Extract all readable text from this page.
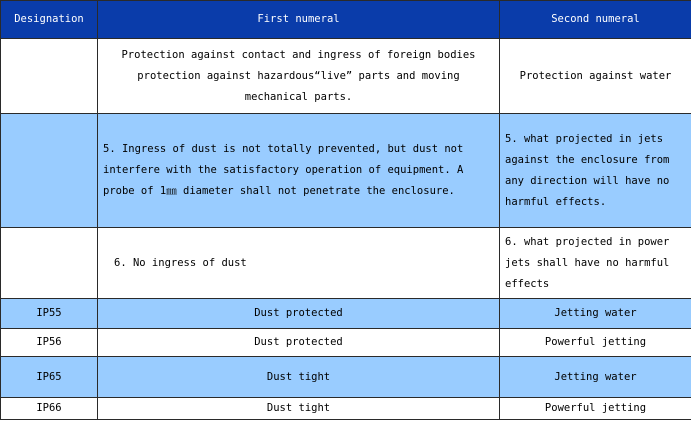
Designation	First numeral	Second numeral
	Protection against contact and ingress of foreign bodies protection against hazardous“live” parts and moving mechanical parts.	Protection against water
	5. Ingress of dust is not totally prevented, but dust not interfere with the satisfactory operation of equipment. A probe of 1㎜ diameter shall not penetrate the enclosure.	5. what projected in jets against the enclosure from any direction will have no harmful effects.
	6. No ingress of dust	6. what projected in power jets shall have no harmful effects
IP55	Dust protected	Jetting water
IP56	Dust protected	Powerful jetting
IP65	Dust tight	Jetting water
IP66	Dust tight	Powerful jetting
